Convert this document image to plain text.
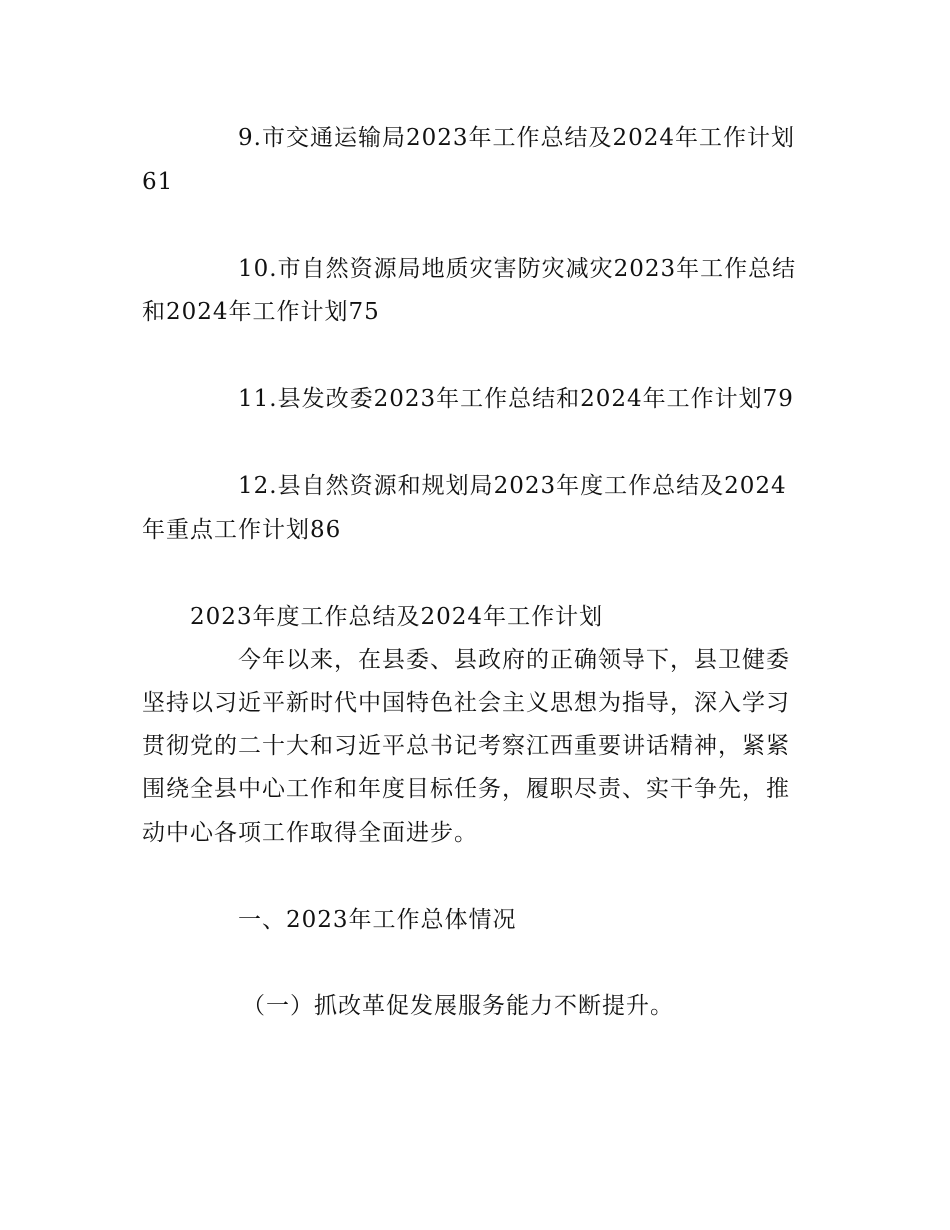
9.市交通运输局2023年工作总结及2024年工作计划
61
10.市自然资源局地质灾害防灾减灾2023年工作总结
和2024年工作计划75
11.县发改委2023年工作总结和2024年工作计划79
12.县自然资源和规划局2023年度工作总结及2024
年重点工作计划86
2023年度工作总结及2024年工作计划
今年以来，在县委、县政府的正确领导下，县卫健委
坚持以习近平新时代中国特色社会主义思想为指导，深入学习
贯彻党的二十大和习近平总书记考察江西重要讲话精神，紧紧
围绕全县中心工作和年度目标任务，履职尽责、实干争先，推
动中心各项工作取得全面进步。
一、2023年工作总体情况
（一）抓改革促发展服务能力不断提升。
